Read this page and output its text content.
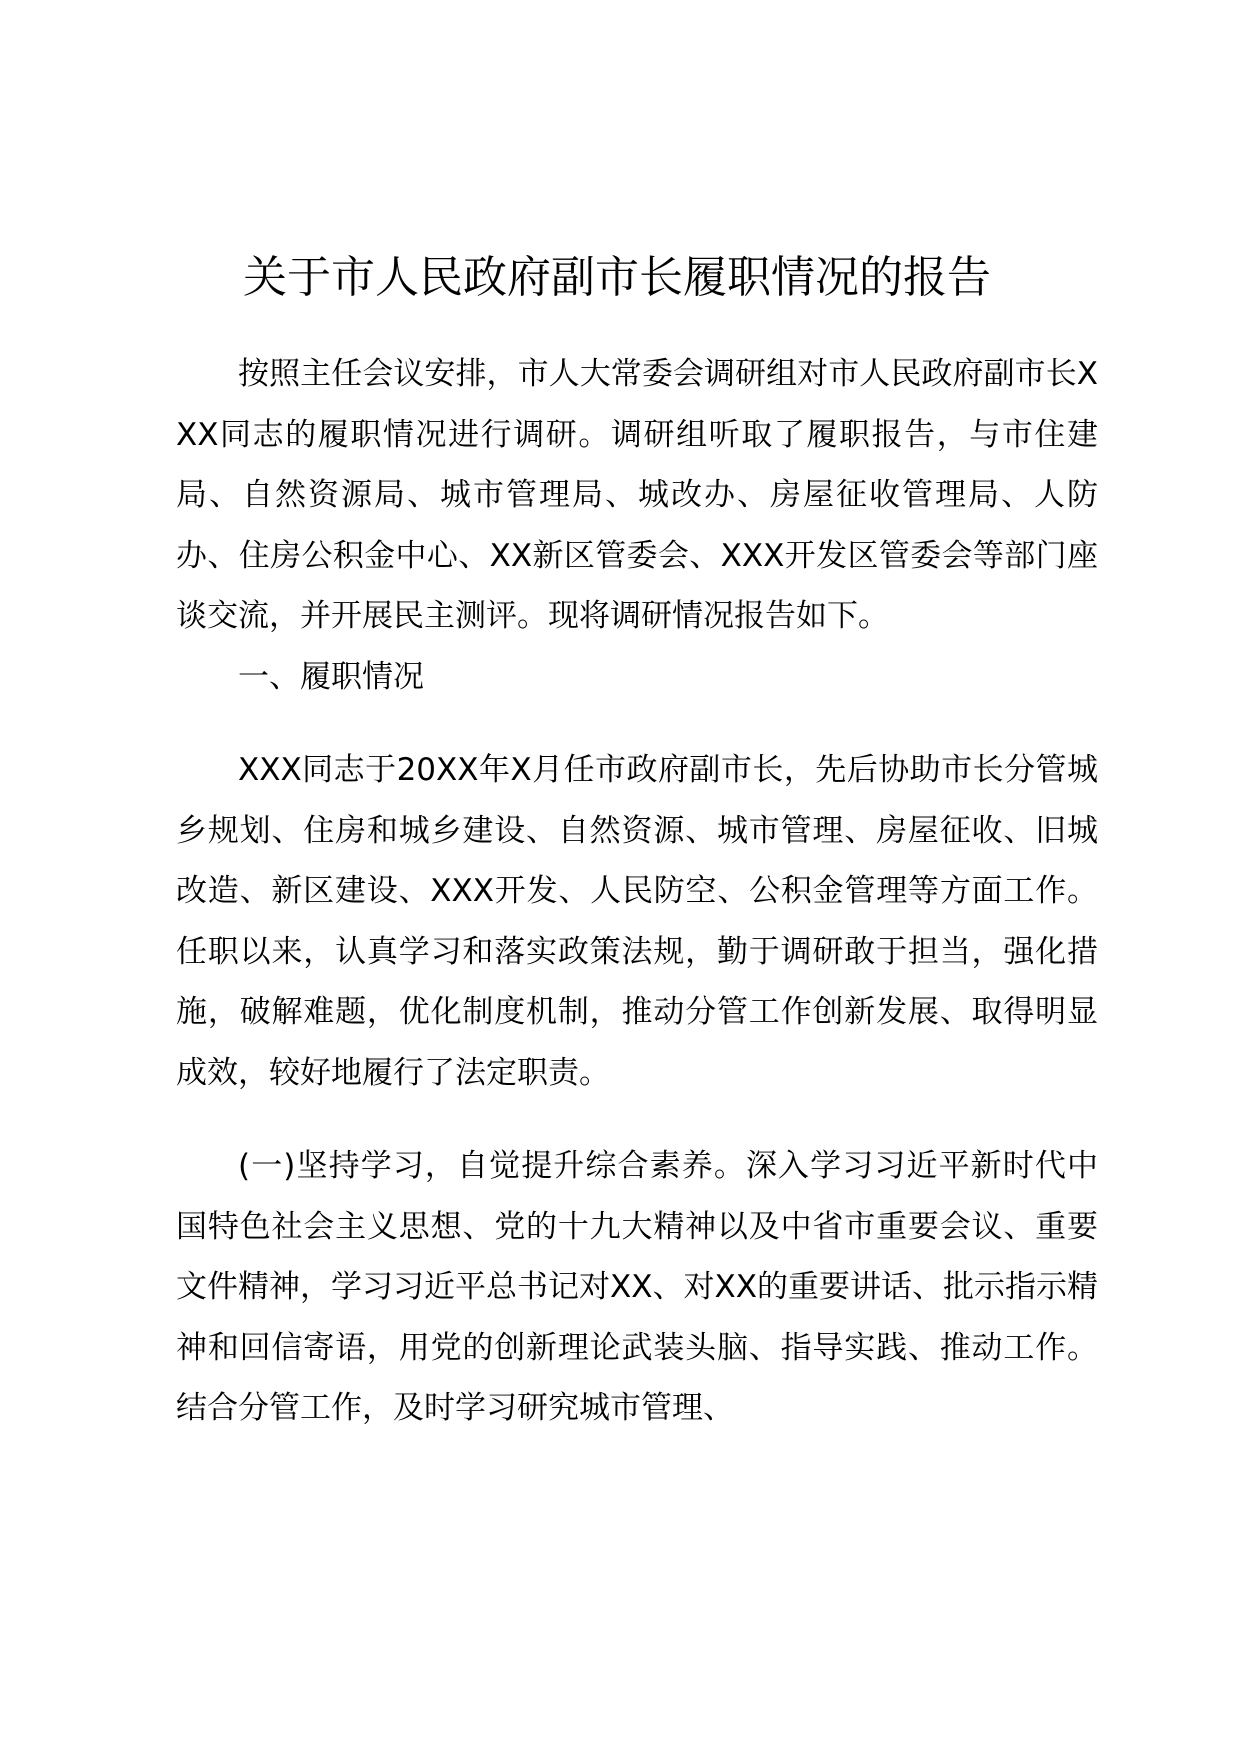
关于市人民政府副市长履职情况的报告

按照主任会议安排，市人大常委会调研组对市人民政府副市长XXX同志的履职情况进行调研。调研组听取了履职报告，与市住建局、自然资源局、城市管理局、城改办、房屋征收管理局、人防办、住房公积金中心、XX新区管委会、XXX开发区管委会等部门座谈交流，并开展民主测评。现将调研情况报告如下。

一、履职情况

XXX同志于20XX年X月任市政府副市长，先后协助市长分管城乡规划、住房和城乡建设、自然资源、城市管理、房屋征收、旧城改造、新区建设、XXX开发、人民防空、公积金管理等方面工作。任职以来，认真学习和落实政策法规，勤于调研敢于担当，强化措施，破解难题，优化制度机制，推动分管工作创新发展、取得明显成效，较好地履行了法定职责。

(一)坚持学习，自觉提升综合素养。深入学习习近平新时代中国特色社会主义思想、党的十九大精神以及中省市重要会议、重要文件精神，学习习近平总书记对XX、对XX的重要讲话、批示指示精神和回信寄语，用党的创新理论武装头脑、指导实践、推动工作。结合分管工作，及时学习研究城市管理、
